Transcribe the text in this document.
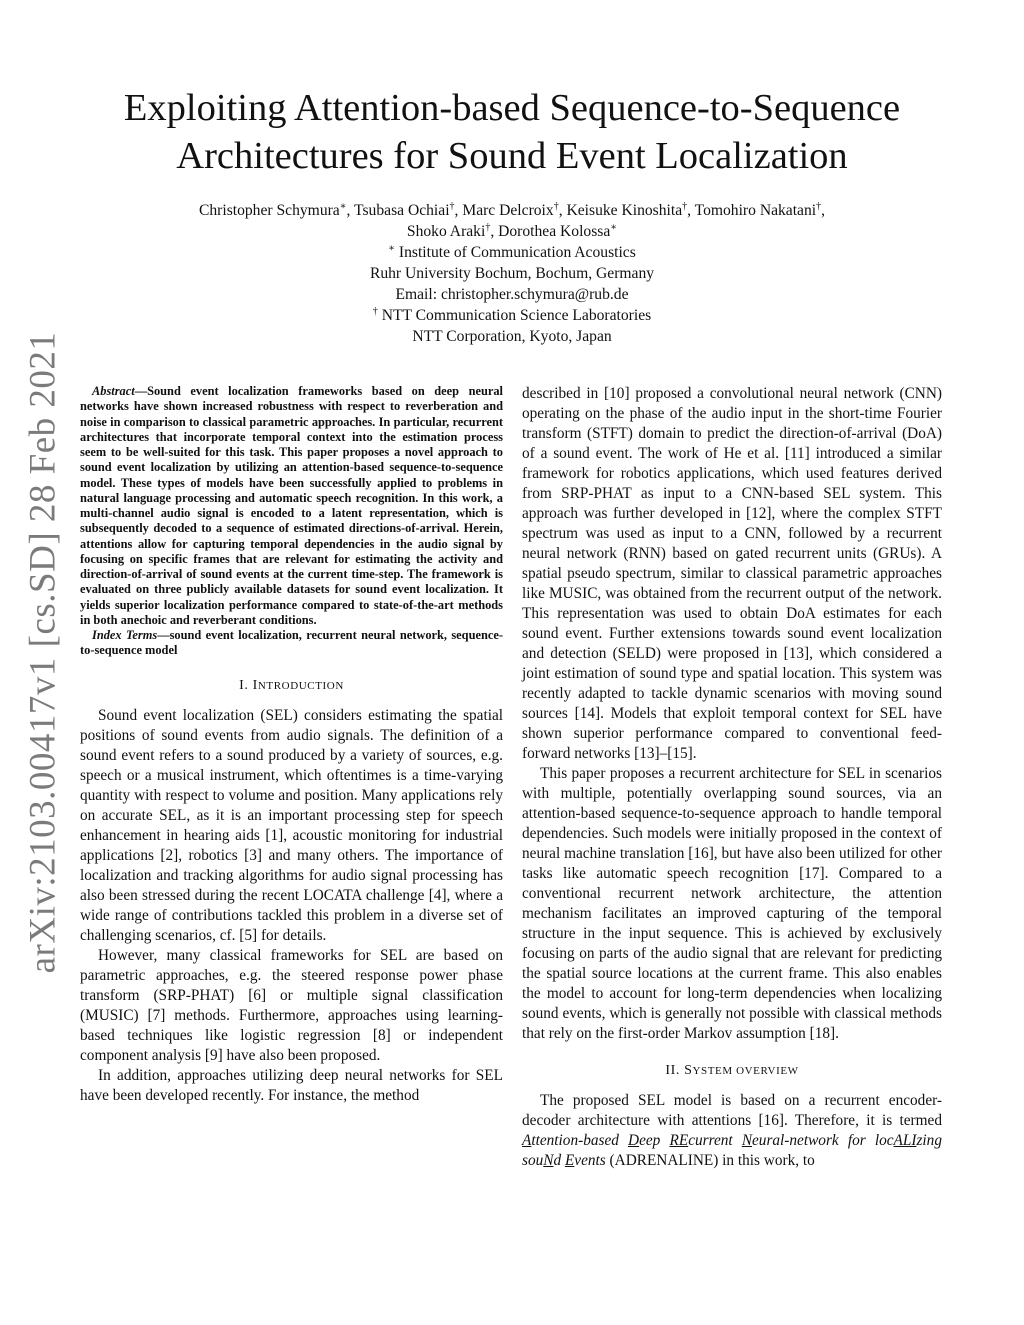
arXiv:2103.00417v1 [cs.SD] 28 Feb 2021
Exploiting Attention-based Sequence-to-Sequence
Architectures for Sound Event Localization
Christopher Schymura∗, Tsubasa Ochiai†, Marc Delcroix†, Keisuke Kinoshita†, Tomohiro Nakatani†,
Shoko Araki†, Dorothea Kolossa∗
∗ Institute of Communication Acoustics
Ruhr University Bochum, Bochum, Germany
Email: christopher.schymura@rub.de
† NTT Communication Science Laboratories
NTT Corporation, Kyoto, Japan

Abstract—Sound event localization frameworks based on deep neural networks have shown increased robustness with respect to reverberation and noise in comparison to classical parametric approaches. In particular, recurrent architectures that incorporate temporal context into the estimation process seem to be well-suited for this task. This paper proposes a novel approach to sound event localization by utilizing an attention-based sequence-to-sequence model. These types of models have been successfully applied to problems in natural language processing and automatic speech recognition. In this work, a multi-channel audio signal is encoded to a latent representation, which is subsequently decoded to a sequence of estimated directions-of-arrival. Herein, attentions allow for capturing temporal dependencies in the audio signal by focusing on specific frames that are relevant for estimating the activity and direction-of-arrival of sound events at the current time-step. The framework is evaluated on three publicly available datasets for sound event localization. It yields superior localization performance compared to state-of-the-art methods in both anechoic and reverberant conditions.

Index Terms—sound event localization, recurrent neural network, sequence-to-sequence model

I. INTRODUCTION

Sound event localization (SEL) considers estimating the spatial positions of sound events from audio signals. The definition of a sound event refers to a sound produced by a variety of sources, e.g. speech or a musical instrument, which oftentimes is a time-varying quantity with respect to volume and position. Many applications rely on accurate SEL, as it is an important processing step for speech enhancement in hearing aids [1], acoustic monitoring for industrial applications [2], robotics [3] and many others. The importance of localization and tracking algorithms for audio signal processing has also been stressed during the recent LOCATA challenge [4], where a wide range of contributions tackled this problem in a diverse set of challenging scenarios, cf. [5] for details.

However, many classical frameworks for SEL are based on parametric approaches, e.g. the steered response power phase transform (SRP-PHAT) [6] or multiple signal classification (MUSIC) [7] methods. Furthermore, approaches using learning-based techniques like logistic regression [8] or independent component analysis [9] have also been proposed.

In addition, approaches utilizing deep neural networks for SEL have been developed recently. For instance, the method

described in [10] proposed a convolutional neural network (CNN) operating on the phase of the audio input in the short-time Fourier transform (STFT) domain to predict the direction-of-arrival (DoA) of a sound event. The work of He et al. [11] introduced a similar framework for robotics applications, which used features derived from SRP-PHAT as input to a CNN-based SEL system. This approach was further developed in [12], where the complex STFT spectrum was used as input to a CNN, followed by a recurrent neural network (RNN) based on gated recurrent units (GRUs). A spatial pseudo spectrum, similar to classical parametric approaches like MUSIC, was obtained from the recurrent output of the network. This representation was used to obtain DoA estimates for each sound event. Further extensions towards sound event localization and detection (SELD) were proposed in [13], which considered a joint estimation of sound type and spatial location. This system was recently adapted to tackle dynamic scenarios with moving sound sources [14]. Models that exploit temporal context for SEL have shown superior performance compared to conventional feed-forward networks [13]–[15].

This paper proposes a recurrent architecture for SEL in scenarios with multiple, potentially overlapping sound sources, via an attention-based sequence-to-sequence approach to handle temporal dependencies. Such models were initially proposed in the context of neural machine translation [16], but have also been utilized for other tasks like automatic speech recognition [17]. Compared to a conventional recurrent network architecture, the attention mechanism facilitates an improved capturing of the temporal structure in the input sequence. This is achieved by exclusively focusing on parts of the audio signal that are relevant for predicting the spatial source locations at the current frame. This also enables the model to account for long-term dependencies when localizing sound events, which is generally not possible with classical methods that rely on the first-order Markov assumption [18].

II. SYSTEM OVERVIEW

The proposed SEL model is based on a recurrent encoder-decoder architecture with attentions [16]. Therefore, it is termed Attention-based Deep REcurrent Neural-network for locALIzing souNd Events (ADRENALINE) in this work, to
